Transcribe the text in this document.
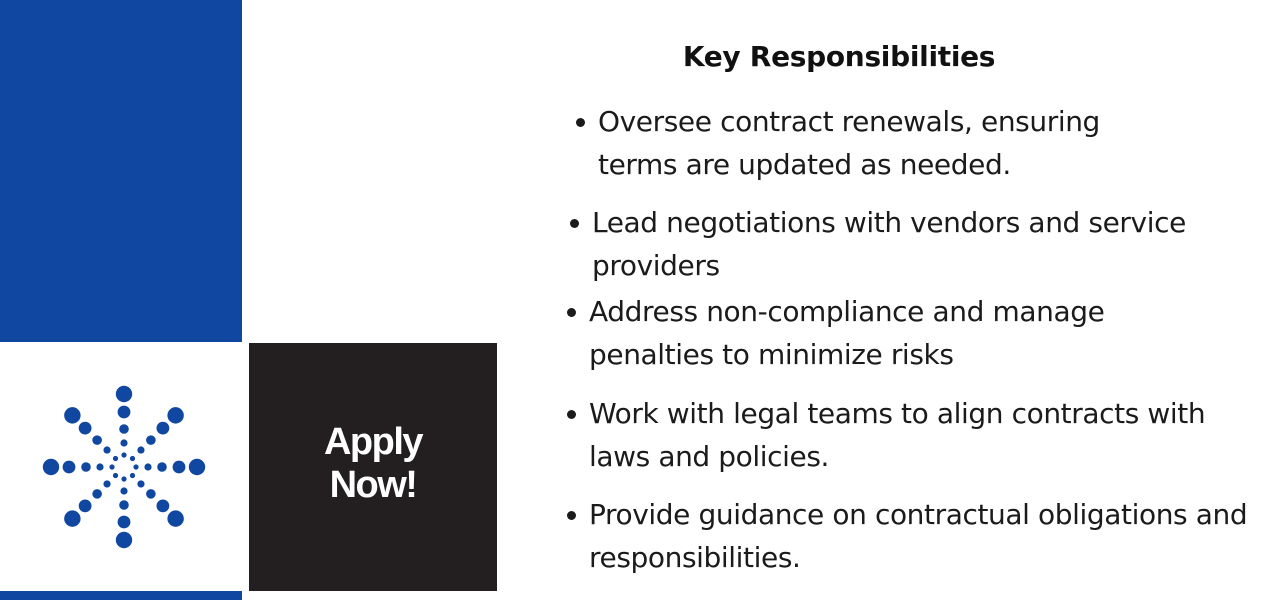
Apply
Now!
Key Responsibilities
Oversee contract renewals, ensuring terms are updated as needed.
Lead negotiations with vendors and service providers
Address non-compliance and manage penalties to minimize risks
Work with legal teams to align contracts with laws and policies.
Provide guidance on contractual obligations and responsibilities.
